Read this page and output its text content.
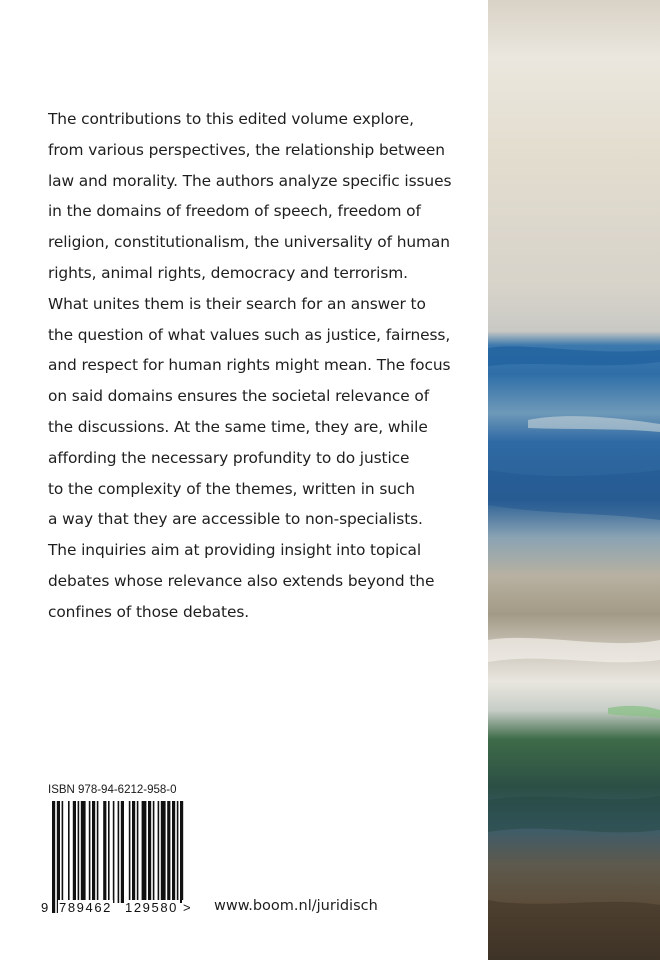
The contributions to this edited volume explore,
from various perspectives, the relationship between
law and morality. The authors analyze specific issues
in the domains of freedom of speech, freedom of
religion, constitutionalism, the universality of human
rights, animal rights, democracy and terrorism.
What unites them is their search for an answer to
the question of what values such as justice, fairness,
and respect for human rights might mean. The focus
on said domains ensures the societal relevance of
the discussions. At the same time, they are, while
affording the necessary profundity to do justice
to the complexity of the themes, written in such
a way that they are accessible to non-specialists.
The inquiries aim at providing insight into topical
debates whose relevance also extends beyond the
confines of those debates.
ISBN 978-94-6212-958-0
9 789462 129580 > www.boom.nl/juridisch
